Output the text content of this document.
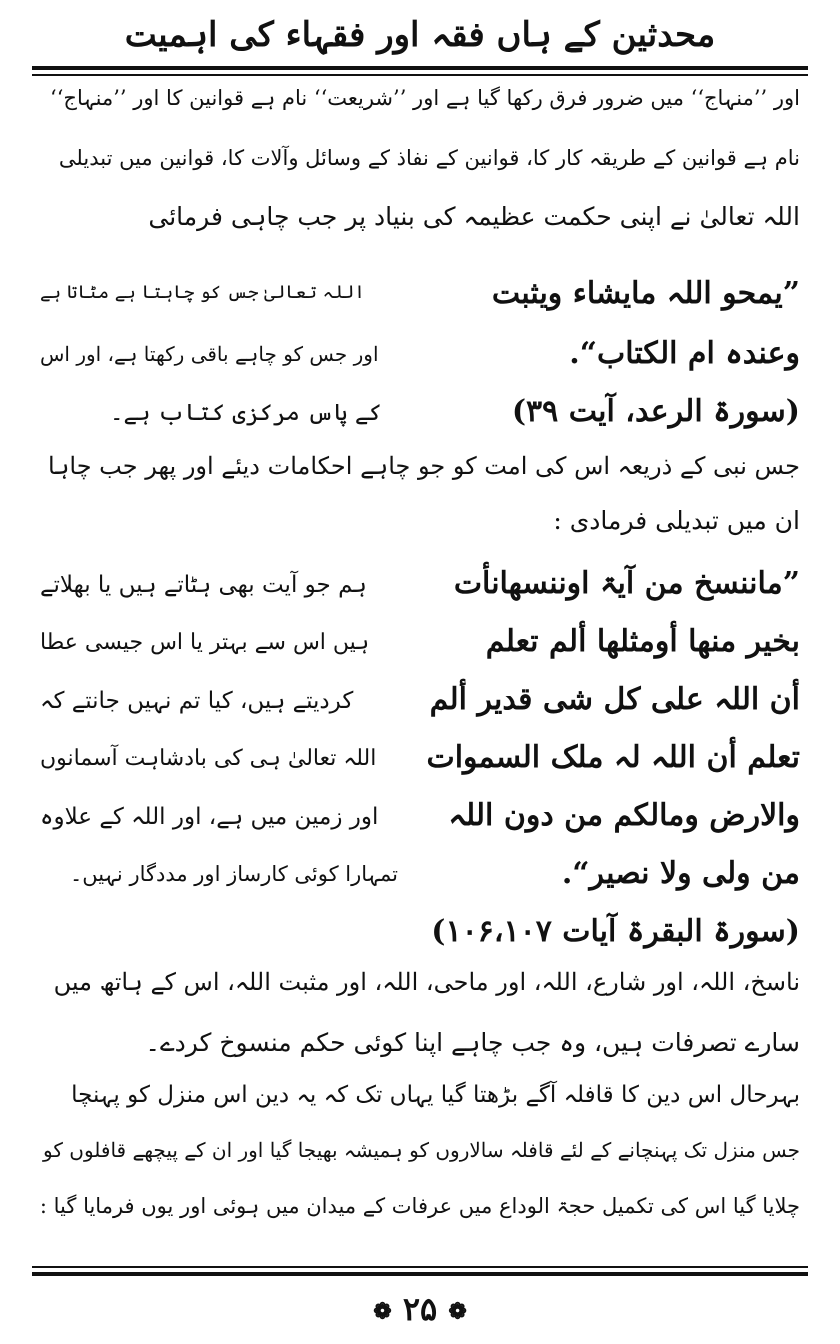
محدثین کے ہاں فقہ اور فقہاء کی اہمیت
اور ’’منہاج‘‘ میں ضرور فرق رکھا گیا ہے اور ’’شریعت‘‘ نام ہے قوانین کا اور ’’منہاج‘‘
نام ہے قوانین کے طریقہ کار کا، قوانین کے نفاذ کے وسائل وآلات کا، قوانین میں تبدیلی
اللہ تعالیٰ نے اپنی حکمت عظیمہ کی بنیاد پر جب چاہی فرمائی
”یمحو اللہ مایشاء ویثبت
وعندہ ام الکتاب“.
(سورۃ الرعد، آیت ۳۹)
اللہ تعالیٰ جس کو چاہتا ہے مٹاتا ہے
اور جس کو چاہے باقی رکھتا ہے، اور اس
کے پاس مرکزی کتاب ہے۔
جس نبی کے ذریعہ اس کی امت کو جو چاہے احکامات دیئے اور پھر جب چاہا
ان میں تبدیلی فرمادی :
”ماننسخ من آیۃ اوننسھانأت
بخیر منھا أومثلھا ألم تعلم
أن اللہ علی کل شی قدیر ألم
تعلم أن اللہ لہ ملک السموات
والارض ومالکم من دون اللہ
من ولی ولا نصیر“.
(سورۃ البقرۃ آیات ۱۰۶،۱۰۷)
ہم جو آیت بھی ہٹاتے ہیں یا بھلاتے
ہیں اس سے بہتر یا اس جیسی عطا
کردیتے ہیں، کیا تم نہیں جانتے کہ
اللہ تعالیٰ ہی کی بادشاہت آسمانوں
اور زمین میں ہے، اور اللہ کے علاوہ
تمہارا کوئی کارساز اور مددگار نہیں۔
ناسخ، اللہ، اور شارع، اللہ، اور ماحی، اللہ، اور مثبت اللہ، اس کے ہاتھ میں
سارے تصرفات ہیں، وہ جب چاہے اپنا کوئی حکم منسوخ کردے۔
بہرحال اس دین کا قافلہ آگے بڑھتا گیا یہاں تک کہ یہ دین اس منزل کو پہنچا
جس منزل تک پہنچانے کے لئے قافلہ سالاروں کو ہمیشہ بھیجا گیا اور ان کے پیچھے قافلوں کو
چلایا گیا اس کی تکمیل حجۃ الوداع میں عرفات کے میدان میں ہوئی اور یوں فرمایا گیا :
❁ ۲۵ ❁
